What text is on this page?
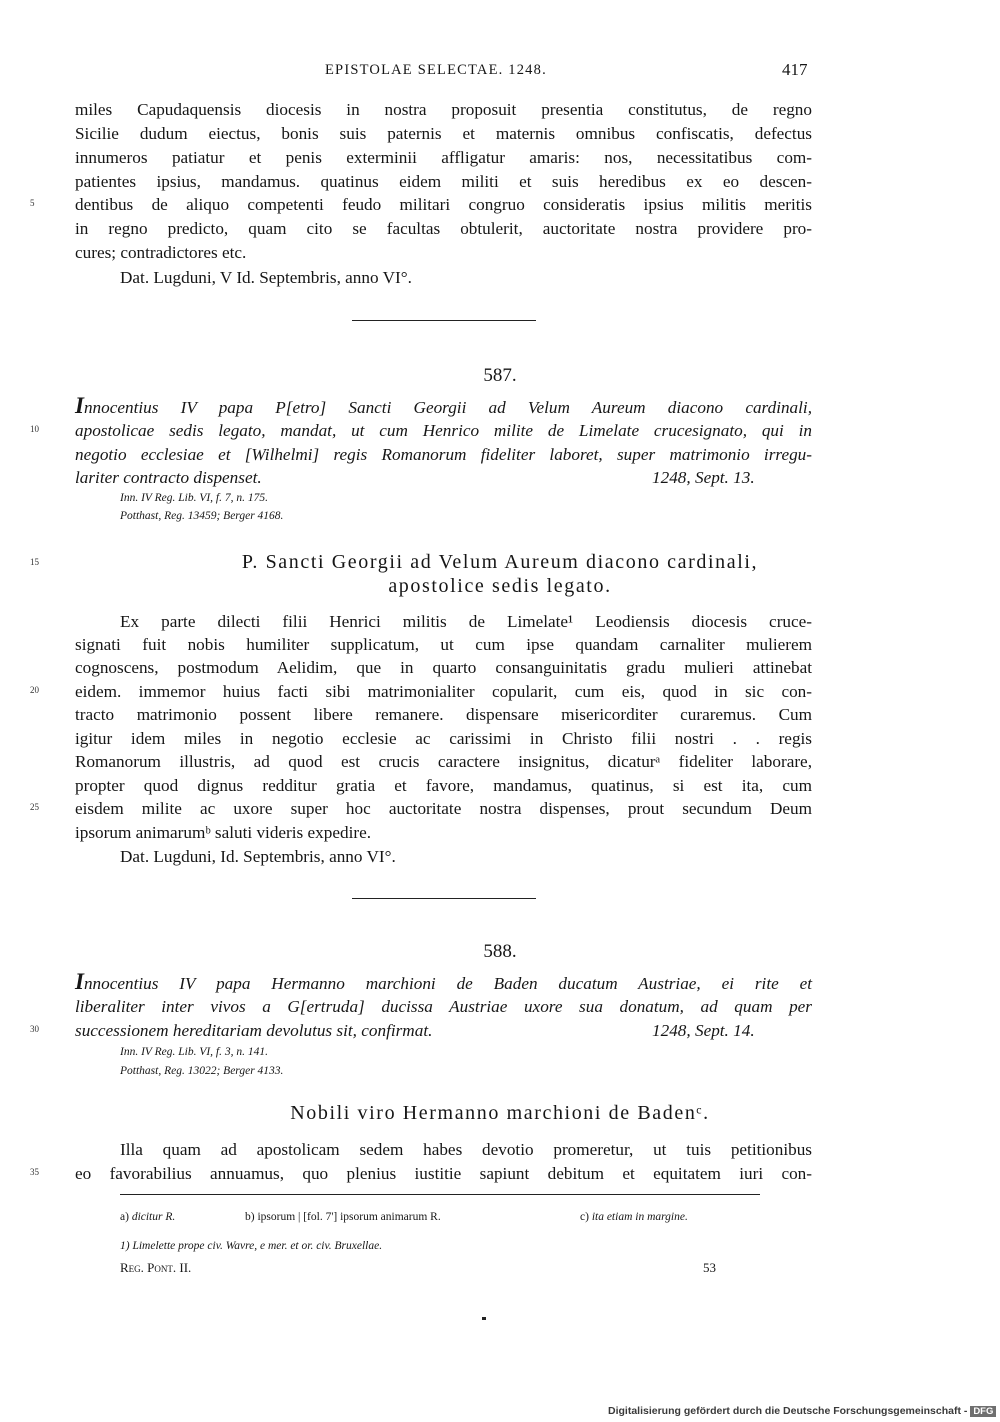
EPISTOLAE SELECTAE. 1248.	417
miles Capudaquensis diocesis in nostra proposuit presentia constitutus, de regno
Sicilie dudum eiectus, bonis suis paternis et maternis omnibus confiscatis, defectus
innumeros patiatur et penis exterminii affligatur amaris: nos, necessitatibus com-
patientes ipsius, mandamus. quatinus eidem militi et suis heredibus ex eo descen-
dentibus de aliquo competenti feudo militari congruo consideratis ipsius militis meritis
in regno predicto, quam cito se facultas obtulerit, auctoritate nostra providere pro-
cures; contradictores etc.
Dat. Lugduni, V Id. Septembris, anno VI°.
587.
Innocentius IV papa P[etro] Sancti Georgii ad Velum Aureum diacono cardinali,
apostolicae sedis legato, mandat, ut cum Henrico milite de Limelate crucesignato, qui in
negotio ecclesiae et [Wilhelmi] regis Romanorum fideliter laboret, super matrimonio irregu-
lariter contracto dispenset.	1248, Sept. 13.
Inn. IV Reg. Lib. VI, f. 7, n. 175.
Potthast, Reg. 13459; Berger 4168.
P. Sancti Georgii ad Velum Aureum diacono cardinali,
apostolice sedis legato.
Ex parte dilecti filii Henrici militis de Limelate¹ Leodiensis diocesis cruce-
signati fuit nobis humiliter supplicatum, ut cum ipse quandam carnaliter mulierem
cognoscens, postmodum Aelidim, que in quarto consanguinitatis gradu mulieri attinebat
eidem. immemor huius facti sibi matrimonialiter copularit, cum eis, quod in sic con-
tracto matrimonio possent libere remanere. dispensare misericorditer curaremus. Cum
igitur idem miles in negotio ecclesie ac carissimi in Christo filii nostri . . regis
Romanorum illustris, ad quod est crucis caractere insignitus, dicaturᵃ fideliter laborare,
propter quod dignus redditur gratia et favore, mandamus, quatinus, si est ita, cum
eisdem milite ac uxore super hoc auctoritate nostra dispenses, prout secundum Deum
ipsorum animarumᵇ saluti videris expedire.
Dat. Lugduni, Id. Septembris, anno VI°.
588.
Innocentius IV papa Hermanno marchioni de Baden ducatum Austriae, ei rite et
liberaliter inter vivos a G[ertruda] ducissa Austriae uxore sua donatum, ad quam per
successionem hereditariam devolutus sit, confirmat.	1248, Sept. 14.
Inn. IV Reg. Lib. VI, f. 3, n. 141.
Potthast, Reg. 13022; Berger 4133.
Nobili viro Hermanno marchioni de Badenᶜ.
Illa quam ad apostolicam sedem habes devotio promeretur, ut tuis petitionibus
eo favorabilius annuamus, quo plenius iustitie sapiunt debitum et equitatem iuri con-
5
10
15
20
25
30
35
a) dicitur R.	b) ipsorum | [fol. 7'] ipsorum animarum R.	c) ita etiam in margine.
1) Limelette prope civ. Wavre, e mer. et or. civ. Bruxellae.
Reg. Pont. II.	53
Digitalisierung gefördert durch die Deutsche Forschungsgemeinschaft - DFG
